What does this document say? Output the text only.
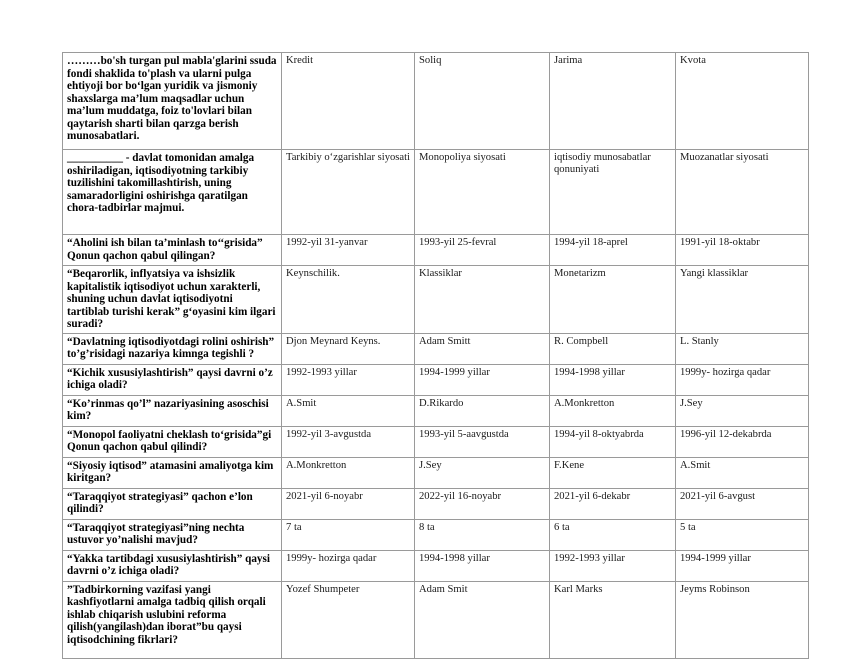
………bo'sh turgan pul mabla'glarini ssuda fondi shaklida to'plash va ularni pulga ehtiyoji bor bo‘lgan yuridik va jismoniy shaxslarga ma’lum maqsadlar uchun ma’lum muddatga, foiz to'lovlari bilan qaytarish sharti bilan qarzga berish munosabatlari.	Kredit	Soliq	Jarima	Kvota
__________ - davlat tomonidan amalga oshiriladigan, iqtisodiyotning tarkibiy tuzilishini takomillashtirish, uning samaradorligini oshirishga qaratilgan chora-tadbirlar majmui.	Tarkibiy o‘zgarishlar siyosati	Monopoliya siyosati	iqtisodiy munosabatlar qonuniyati	Muozanatlar siyosati
“Aholini ish bilan ta’minlash to‘‘grisida” Qonun qachon qabul qilingan?	1992-yil 31-yanvar	1993-yil 25-fevral	1994-yil 18-aprel	1991-yil 18-oktabr
“Beqarorlik, inflyatsiya va ishsizlik kapitalistik iqtisodiyot uchun xarakterli, shuning uchun davlat iqtisodiyotni tartiblab turishi kerak” g‘oyasini kim ilgari suradi?	Keynschilik.	Klassiklar	Monetarizm	Yangi klassiklar
“Davlatning iqtisodiyotdagi rolini oshirish” to’g’risidagi nazariya kimnga tegishli ?	Djon Meynard Keyns.	Adam Smitt	R. Compbell	L. Stanly
“Kichik xususiylashtirish” qaysi davrni o’z ichiga oladi?	1992-1993 yillar	1994-1999 yillar	1994-1998 yillar	1999y- hozirga qadar
“Ko’rinmas qo’l” nazariyasining asoschisi kim?	A.Smit	D.Rikardo	A.Monkretton	J.Sey
“Monopol faoliyatni cheklash to‘grisida”gi Qonun qachon qabul qilindi?	1992-yil 3-avgustda	1993-yil 5-aavgustda	1994-yil 8-oktyabrda	1996-yil 12-dekabrda
“Siyosiy iqtisod” atamasini amaliyotga kim kiritgan?	A.Monkretton	J.Sey	F.Kene	A.Smit
“Taraqqiyot strategiyasi” qachon e’lon qilindi?	2021-yil 6-noyabr	2022-yil 16-noyabr	2021-yil 6-dekabr	2021-yil 6-avgust
“Taraqqiyot strategiyasi”ning nechta ustuvor yo’nalishi mavjud?	7 ta	8 ta	6 ta	5 ta
“Yakka tartibdagi xususiylashtirish” qaysi davrni o’z ichiga oladi?	1999y- hozirga qadar	1994-1998 yillar	1992-1993 yillar	1994-1999 yillar
”Tadbirkorning vazifasi yangi kashfiyotlarni amalga tadbiq qilish orqali ishlab chiqarish uslubini reforma qilish(yangilash)dan iborat”bu qaysi iqtisodchining fikrlari?	Yozef Shumpeter	Adam Smit	Karl Marks	Jeyms Robinson
